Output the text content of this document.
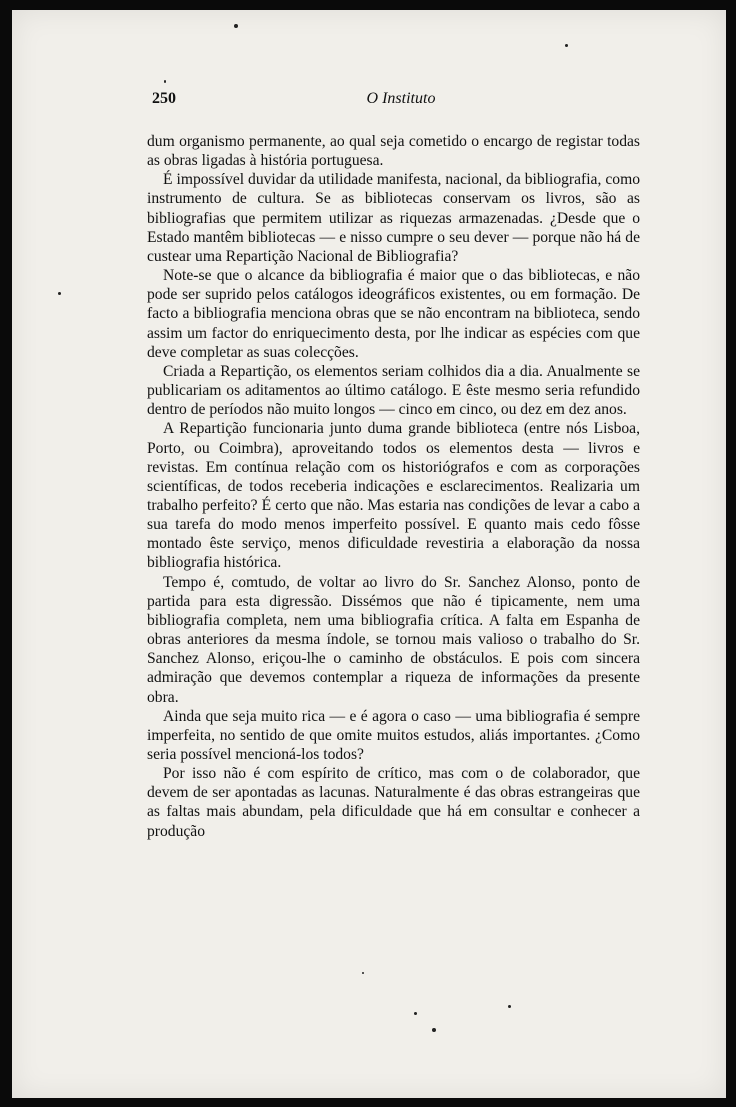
250	O Instituto

dum organismo permanente, ao qual seja cometido o encargo de registar todas as obras ligadas à história portuguesa.

É impossível duvidar da utilidade manifesta, nacional, da bibliografia, como instrumento de cultura. Se as bibliotecas conservam os livros, são as bibliografias que permitem utilizar as riquezas armazenadas. ¿Desde que o Estado mantêm bibliotecas — e nisso cumpre o seu dever — porque não há de custear uma Repartição Nacional de Bibliografia?

Note-se que o alcance da bibliografia é maior que o das bibliotecas, e não pode ser suprido pelos catálogos ideográficos existentes, ou em formação. De facto a bibliografia menciona obras que se não encontram na biblioteca, sendo assim um factor do enriquecimento desta, por lhe indicar as espécies com que deve completar as suas colecções.

Criada a Repartição, os elementos seriam colhidos dia a dia. Anualmente se publicariam os aditamentos ao último catálogo. E êste mesmo seria refundido dentro de períodos não muito longos — cinco em cinco, ou dez em dez anos.

A Repartição funcionaria junto duma grande biblioteca (entre nós Lisboa, Porto, ou Coimbra), aproveitando todos os elementos desta — livros e revistas. Em contínua relação com os historiógrafos e com as corporações scientíficas, de todos receberia indicações e esclarecimentos. Realizaria um trabalho perfeito? É certo que não. Mas estaria nas condições de levar a cabo a sua tarefa do modo menos imperfeito possível. E quanto mais cedo fôsse montado êste serviço, menos dificuldade revestiria a elaboração da nossa bibliografia histórica.

Tempo é, comtudo, de voltar ao livro do Sr. Sanchez Alonso, ponto de partida para esta digressão. Dissémos que não é tipicamente, nem uma bibliografia completa, nem uma bibliografia crítica. A falta em Espanha de obras anteriores da mesma índole, se tornou mais valioso o trabalho do Sr. Sanchez Alonso, eriçou-lhe o caminho de obstáculos. E pois com sincera admiração que devemos contemplar a riqueza de informações da presente obra.

Ainda que seja muito rica — e é agora o caso — uma bibliografia é sempre imperfeita, no sentido de que omite muitos estudos, aliás importantes. ¿Como seria possível mencioná-los todos?

Por isso não é com espírito de crítico, mas com o de colaborador, que devem de ser apontadas as lacunas. Naturalmente é das obras estrangeiras que as faltas mais abundam, pela dificuldade que há em consultar e conhecer a produção
